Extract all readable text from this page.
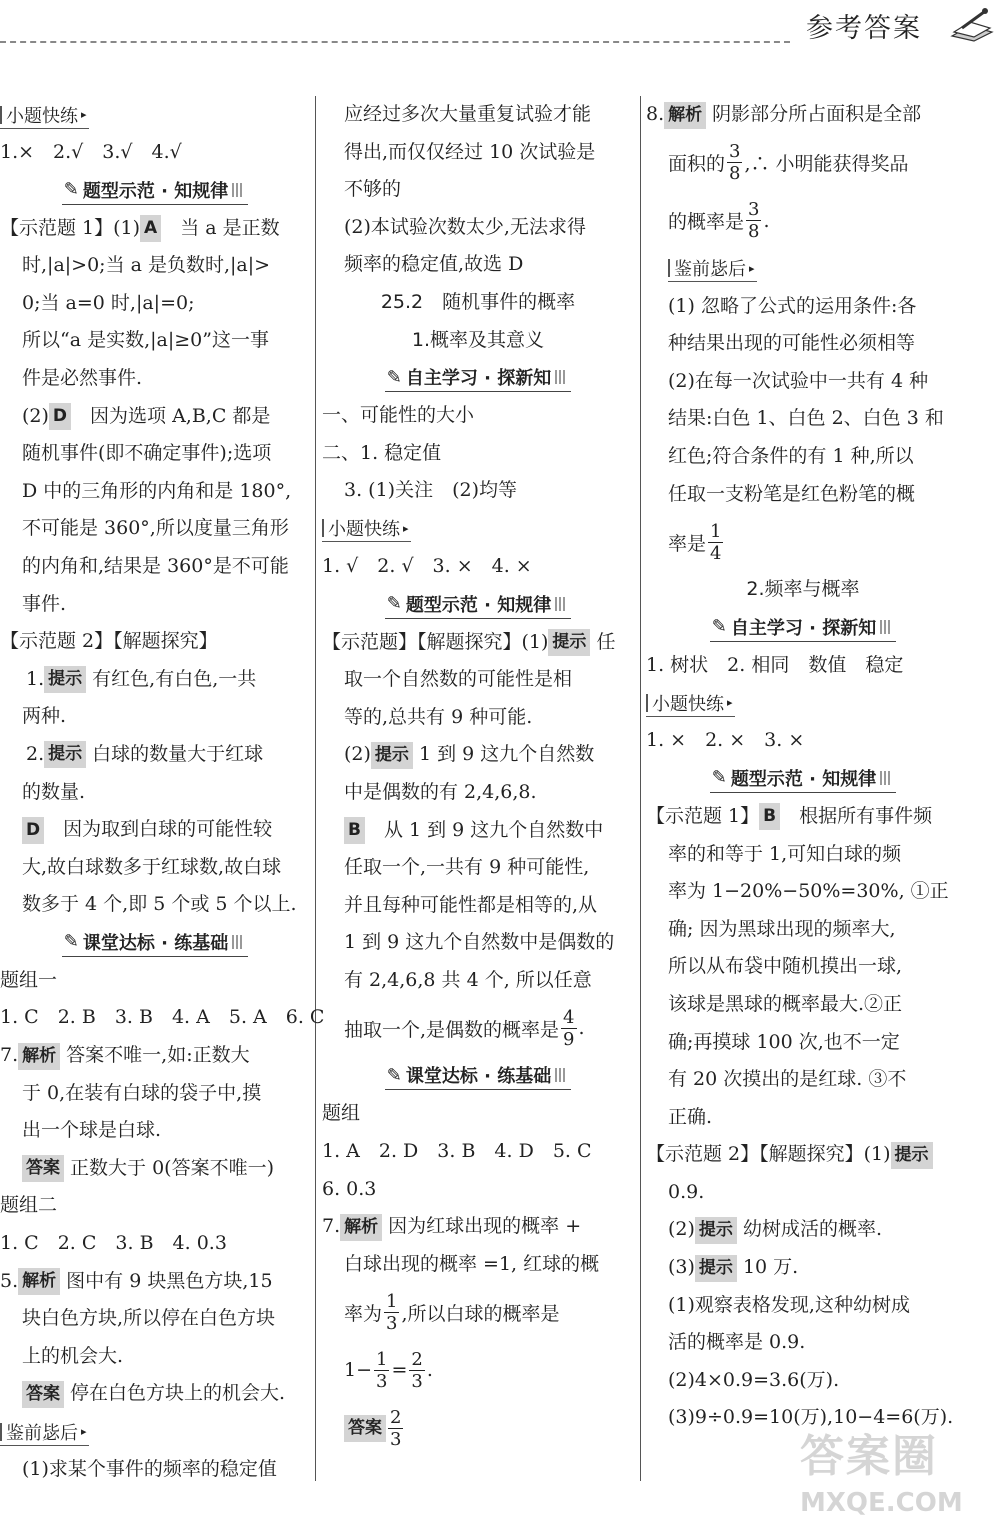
参考答案
小题快练 ▸
1.×　2.√　3.√　4.√
✎ 题型示范 · 知规律
【示范题 1】(1) A　当 a 是正数
时,|a|>0;当 a 是负数时,|a|>
0;当 a=0 时,|a|=0;
所以“a 是实数,|a|≥0”这一事
件是必然事件.
(2) D　因为选项 A,B,C 都是
随机事件(即不确定事件);选项
D 中的三角形的内角和是 180°,
不可能是 360°,所以度量三角形
的内角和,结果是 360°是不可能
事件.
【示范题 2】【解题探究】
1. 提示 有红色,有白色,一共
两种.
2. 提示 白球的数量大于红球
的数量.
D　因为取到白球的可能性较
大,故白球数多于红球数,故白球
数多于 4 个,即 5 个或 5 个以上.
✎ 课堂达标 · 练基础
题组一
1. C　2. B　3. B　4. A　5. A　6. C
7. 解析 答案不唯一,如:正数大
于 0,在装有白球的袋子中,摸
出一个球是白球.
答案 正数大于 0(答案不唯一)
题组二
1. C　2. C　3. B　4. 0.3
5. 解析 图中有 9 块黑色方块,15
块白色方块,所以停在白色方块
上的机会大.
答案 停在白色方块上的机会大.
鉴前毖后 ▸
(1)求某个事件的频率的稳定值
应经过多次大量重复试验才能
得出,而仅仅经过 10 次试验是
不够的
(2)本试验次数太少,无法求得
频率的稳定值,故选 D
25.2　随机事件的概率
1.概率及其意义
✎ 自主学习 · 探新知
一、可能性的大小
二、1. 稳定值
3. (1)关注　(2)均等
小题快练 ▸
1. √　2. √　3. ×　4. ×
✎ 题型示范 · 知规律
【示范题】【解题探究】(1) 提示 任
取一个自然数的可能性是相
等的,总共有 9 种可能.
(2) 提示 1 到 9 这九个自然数
中是偶数的有 2,4,6,8.
B　从 1 到 9 这九个自然数中
任取一个,一共有 9 种可能性,
并且每种可能性都是相等的,从
1 到 9 这九个自然数中是偶数的
有 2,4,6,8 共 4 个, 所以任意
抽取一个,是偶数的概率是 $\frac{4}{9}$ .
✎ 课堂达标 · 练基础
题组
1. A　2. D　3. B　4. D　5. C
6. 0.3
7. 解析 因为红球出现的概率 +
白球出现的概率 =1, 红球的概
率为 $\frac{1}{3}$ ,所以白球的概率是
$1- \frac{1}{3} = \frac{2}{3}$ .
答案 $\frac{2}{3}$
8. 解析 阴影部分所占面积是全部
面积的 $\frac{3}{8}$ ,∴ 小明能获得奖品
的概率是 $\frac{3}{8}$ .
鉴前毖后 ▸
(1) 忽略了公式的运用条件:各
种结果出现的可能性必须相等
(2)在每一次试验中一共有 4 种
结果:白色 1、白色 2、白色 3 和
红色;符合条件的有 1 种,所以
任取一支粉笔是红色粉笔的概
率是 $\frac{1}{4}$
2.频率与概率
✎ 自主学习 · 探新知
1. 树状　2. 相同　数值　稳定
小题快练 ▸
1. ×　2. ×　3. ×
✎ 题型示范 · 知规律
【示范题 1】 B　根据所有事件频
率的和等于 1,可知白球的频
率为 1−20%−50%=30%, ①正
确; 因为黑球出现的频率大,
所以从布袋中随机摸出一球,
该球是黑球的概率最大.②正
确;再摸球 100 次,也不一定
有 20 次摸出的是红球. ③不
正确.
【示范题 2】【解题探究】(1) 提示
0.9.
(2) 提示 幼树成活的概率.
(3) 提示 10 万.
(1)观察表格发现,这种幼树成
活的概率是 0.9.
(2)4×0.9=3.6(万).
(3)9÷0.9=10(万),10−4=6(万).
答案圈
MXQE.COM
